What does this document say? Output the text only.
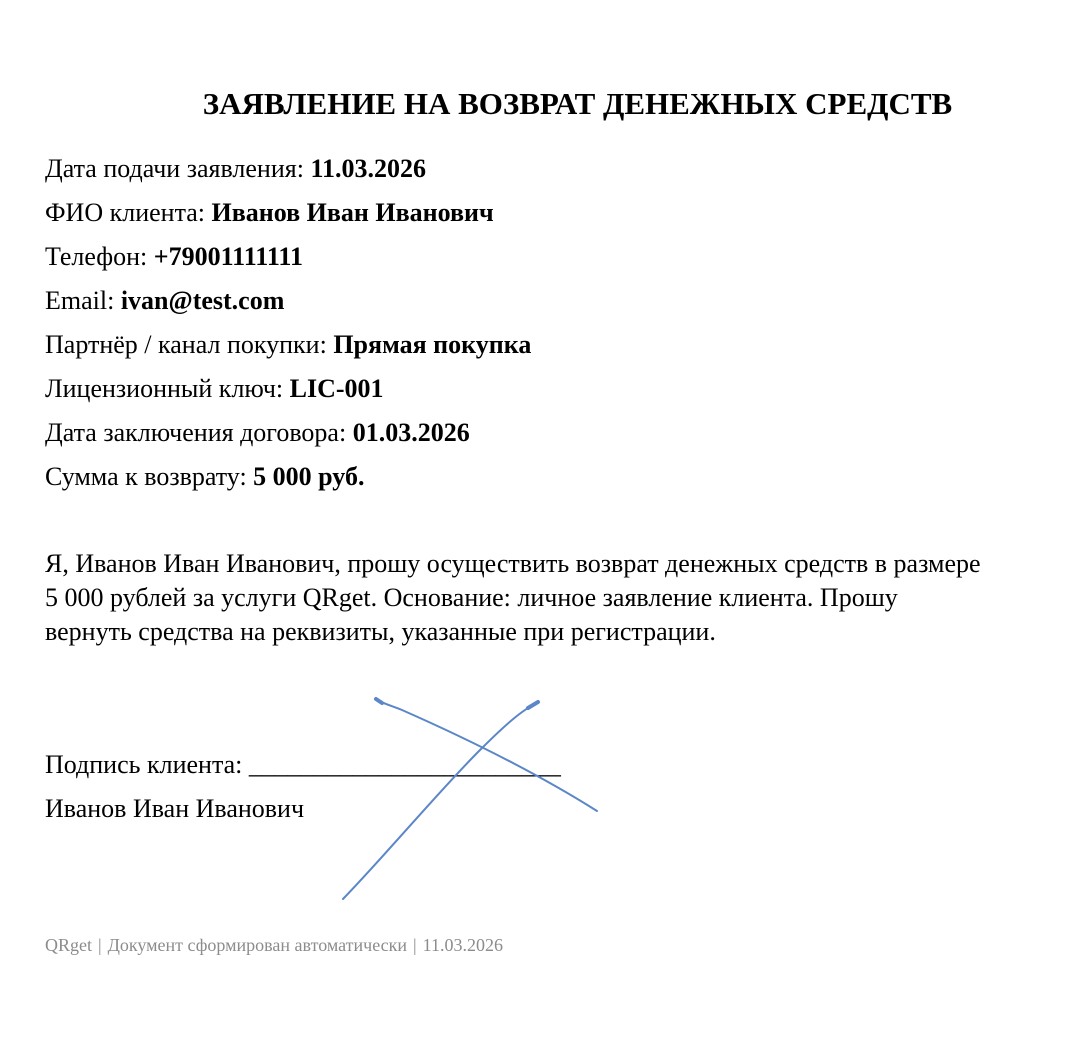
ЗАЯВЛЕНИЕ НА ВОЗВРАТ ДЕНЕЖНЫХ СРЕДСТВ
Дата подачи заявления: 11.03.2026
ФИО клиента: Иванов Иван Иванович
Телефон: +79001111111
Email: ivan@test.com
Партнёр / канал покупки: Прямая покупка
Лицензионный ключ: LIC-001
Дата заключения договора: 01.03.2026
Сумма к возврату: 5 000 руб.
Я, Иванов Иван Иванович, прошу осуществить возврат денежных средств в размере
5 000 рублей за услуги QRget. Основание: личное заявление клиента. Прошу
вернуть средства на реквизиты, указанные при регистрации.
Подпись клиента: ________________________
Иванов Иван Иванович
QRget | Документ сформирован автоматически | 11.03.2026
